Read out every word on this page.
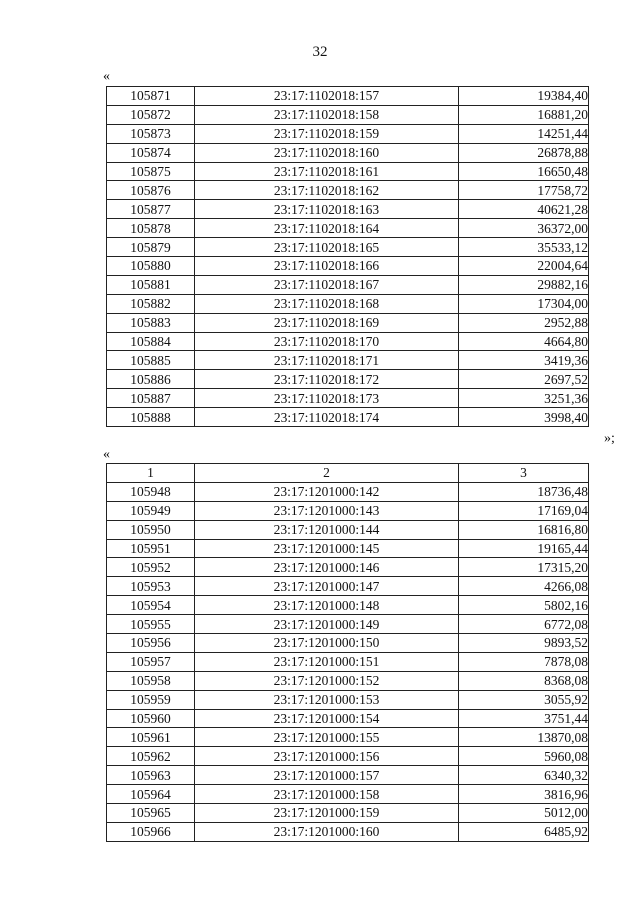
32
«
105871	23:17:1102018:157	19384,40
105872	23:17:1102018:158	16881,20
105873	23:17:1102018:159	14251,44
105874	23:17:1102018:160	26878,88
105875	23:17:1102018:161	16650,48
105876	23:17:1102018:162	17758,72
105877	23:17:1102018:163	40621,28
105878	23:17:1102018:164	36372,00
105879	23:17:1102018:165	35533,12
105880	23:17:1102018:166	22004,64
105881	23:17:1102018:167	29882,16
105882	23:17:1102018:168	17304,00
105883	23:17:1102018:169	2952,88
105884	23:17:1102018:170	4664,80
105885	23:17:1102018:171	3419,36
105886	23:17:1102018:172	2697,52
105887	23:17:1102018:173	3251,36
105888	23:17:1102018:174	3998,40
»;
«
1	2	3
105948	23:17:1201000:142	18736,48
105949	23:17:1201000:143	17169,04
105950	23:17:1201000:144	16816,80
105951	23:17:1201000:145	19165,44
105952	23:17:1201000:146	17315,20
105953	23:17:1201000:147	4266,08
105954	23:17:1201000:148	5802,16
105955	23:17:1201000:149	6772,08
105956	23:17:1201000:150	9893,52
105957	23:17:1201000:151	7878,08
105958	23:17:1201000:152	8368,08
105959	23:17:1201000:153	3055,92
105960	23:17:1201000:154	3751,44
105961	23:17:1201000:155	13870,08
105962	23:17:1201000:156	5960,08
105963	23:17:1201000:157	6340,32
105964	23:17:1201000:158	3816,96
105965	23:17:1201000:159	5012,00
105966	23:17:1201000:160	6485,92
